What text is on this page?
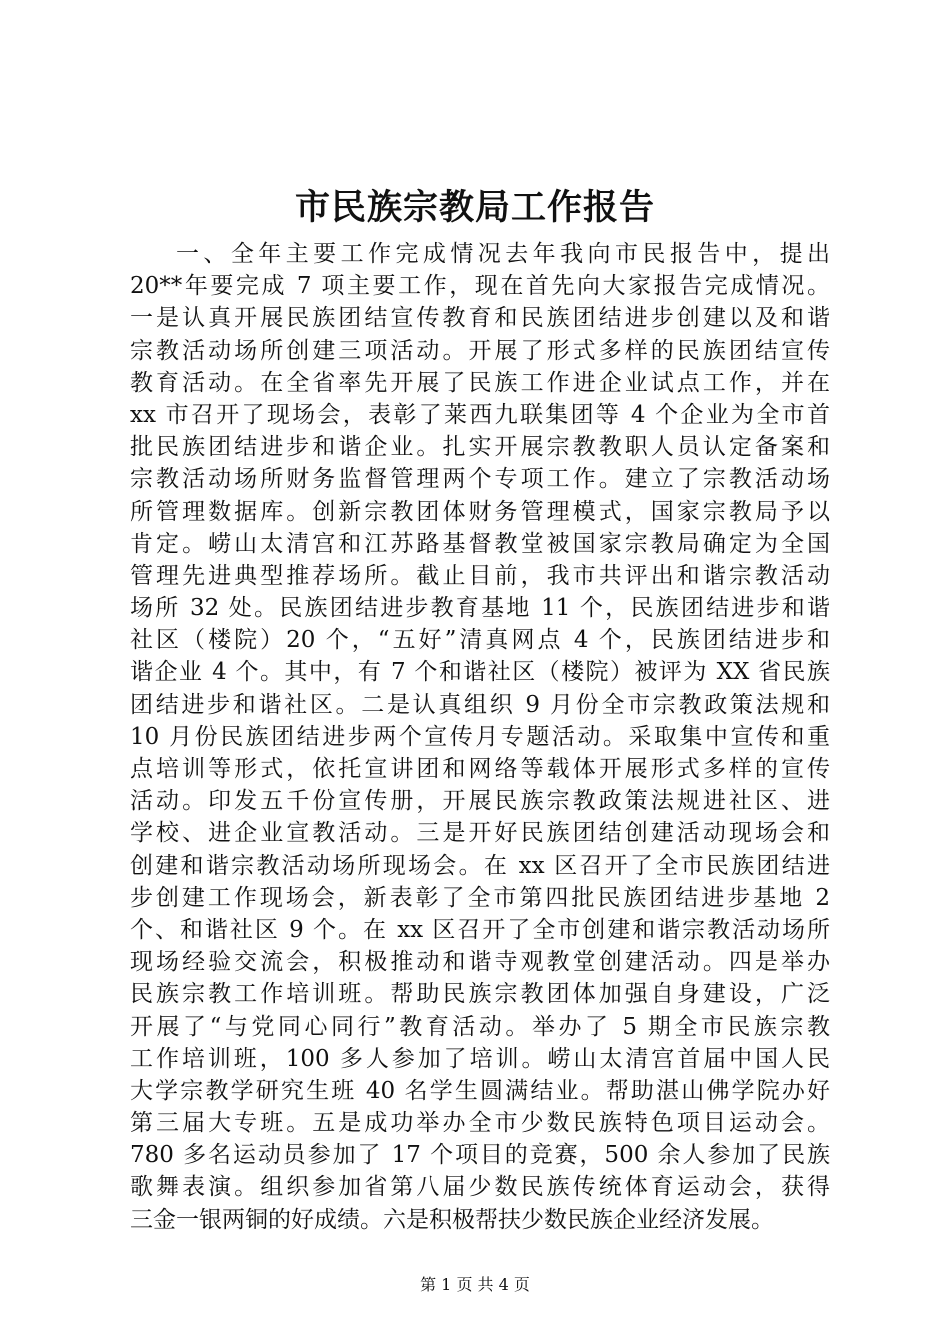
市民族宗教局工作报告
一、全年主要工作完成情况去年我向市民报告中，提出
20**年要完成 7 项主要工作，现在首先向大家报告完成情况。
一是认真开展民族团结宣传教育和民族团结进步创建以及和谐
宗教活动场所创建三项活动。开展了形式多样的民族团结宣传
教育活动。在全省率先开展了民族工作进企业试点工作，并在
xx 市召开了现场会，表彰了莱西九联集团等 4 个企业为全市首
批民族团结进步和谐企业。扎实开展宗教教职人员认定备案和
宗教活动场所财务监督管理两个专项工作。建立了宗教活动场
所管理数据库。创新宗教团体财务管理模式，国家宗教局予以
肯定。崂山太清宫和江苏路基督教堂被国家宗教局确定为全国
管理先进典型推荐场所。截止目前，我市共评出和谐宗教活动
场所 32 处。民族团结进步教育基地 11 个，民族团结进步和谐
社区（楼院）20 个，“五好”清真网点 4 个，民族团结进步和
谐企业 4 个。其中，有 7 个和谐社区（楼院）被评为 XX 省民族
团结进步和谐社区。二是认真组织 9 月份全市宗教政策法规和
10 月份民族团结进步两个宣传月专题活动。采取集中宣传和重
点培训等形式，依托宣讲团和网络等载体开展形式多样的宣传
活动。印发五千份宣传册，开展民族宗教政策法规进社区、进
学校、进企业宣教活动。三是开好民族团结创建活动现场会和
创建和谐宗教活动场所现场会。在 xx 区召开了全市民族团结进
步创建工作现场会，新表彰了全市第四批民族团结进步基地 2
个、和谐社区 9 个。在 xx 区召开了全市创建和谐宗教活动场所
现场经验交流会，积极推动和谐寺观教堂创建活动。四是举办
民族宗教工作培训班。帮助民族宗教团体加强自身建设，广泛
开展了“与党同心同行”教育活动。举办了 5 期全市民族宗教
工作培训班，100 多人参加了培训。崂山太清宫首届中国人民
大学宗教学研究生班 40 名学生圆满结业。帮助湛山佛学院办好
第三届大专班。五是成功举办全市少数民族特色项目运动会。
780 多名运动员参加了 17 个项目的竞赛，500 余人参加了民族
歌舞表演。组织参加省第八届少数民族传统体育运动会，获得
三金一银两铜的好成绩。六是积极帮扶少数民族企业经济发展。
第 1 页 共 4 页
